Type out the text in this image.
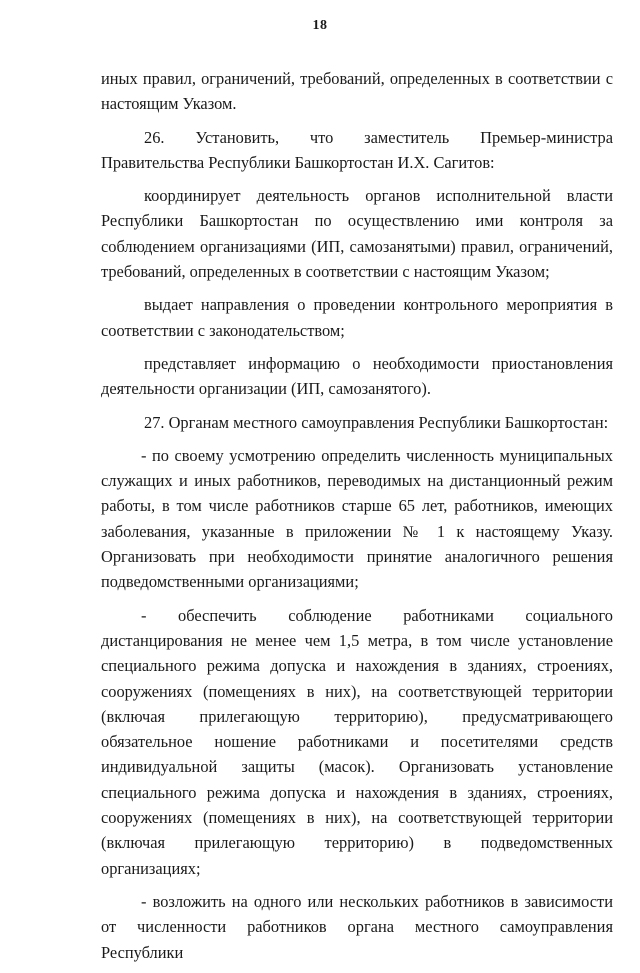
18

иных правил, ограничений, требований, определенных в соответствии с настоящим Указом.

26. Установить, что заместитель Премьер-министра Правительства Республики Башкортостан И.Х. Сагитов:

координирует деятельность органов исполнительной власти Республики Башкортостан по осуществлению ими контроля за соблюдением организациями (ИП, самозанятыми) правил, ограничений, требований, определенных в соответствии с настоящим Указом;

выдает направления о проведении контрольного мероприятия в соответствии с законодательством;

представляет информацию о необходимости приостановления деятельности организации (ИП, самозанятого).

27. Органам местного самоуправления Республики Башкортостан:

- по своему усмотрению определить численность муниципальных служащих и иных работников, переводимых на дистанционный режим работы, в том числе работников старше 65 лет, работников, имеющих заболевания, указанные в приложении № 1 к настоящему Указу. Организовать при необходимости принятие аналогичного решения подведомственными организациями;

- обеспечить соблюдение работниками социального дистанцирования не менее чем 1,5 метра, в том числе установление специального режима допуска и нахождения в зданиях, строениях, сооружениях (помещениях в них), на соответствующей территории (включая прилегающую территорию), предусматривающего обязательное ношение работниками и посетителями средств индивидуальной защиты (масок). Организовать установление специального режима допуска и нахождения в зданиях, строениях, сооружениях (помещениях в них), на соответствующей территории (включая прилегающую территорию) в подведомственных организациях;

- возложить на одного или нескольких работников в зависимости от численности работников органа местного самоуправления Республики
